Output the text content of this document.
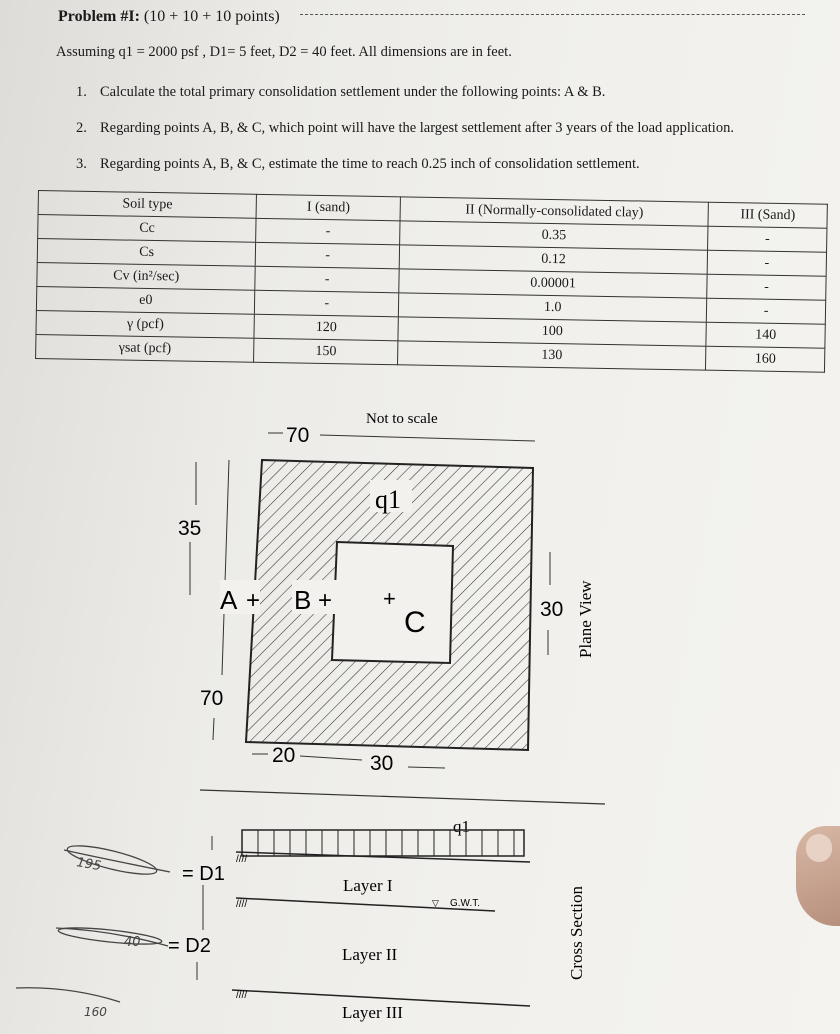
Problem #I: (10 + 10 + 10 points)
Assuming q1 = 2000 psf , D1= 5 feet, D2 = 40 feet. All dimensions are in feet.
1. Calculate the total primary consolidation settlement under the following points: A & B.
2. Regarding points A, B, & C, which point will have the largest settlement after 3 years of the load application.
3. Regarding points A, B, & C, estimate the time to reach 0.25 inch of consolidation settlement.
Soil type	I (sand)	II (Normally-consolidated clay)	III (Sand)
Cc	-	0.35	-
Cs	-	0.12	-
Cv (in²/sec)	-	0.00001	-
e0	-	1.0	-
γ (pcf)	120	100	140
γsat (pcf)	150	130	160
Not to scale
70
35
70
q1
A + B + +
C	30 Plane View
20	30
q1
////
= D1
Layer I
////	▽ G.W.T.
= D2	Layer II
////
Layer III
Cross Section
195
40
160
